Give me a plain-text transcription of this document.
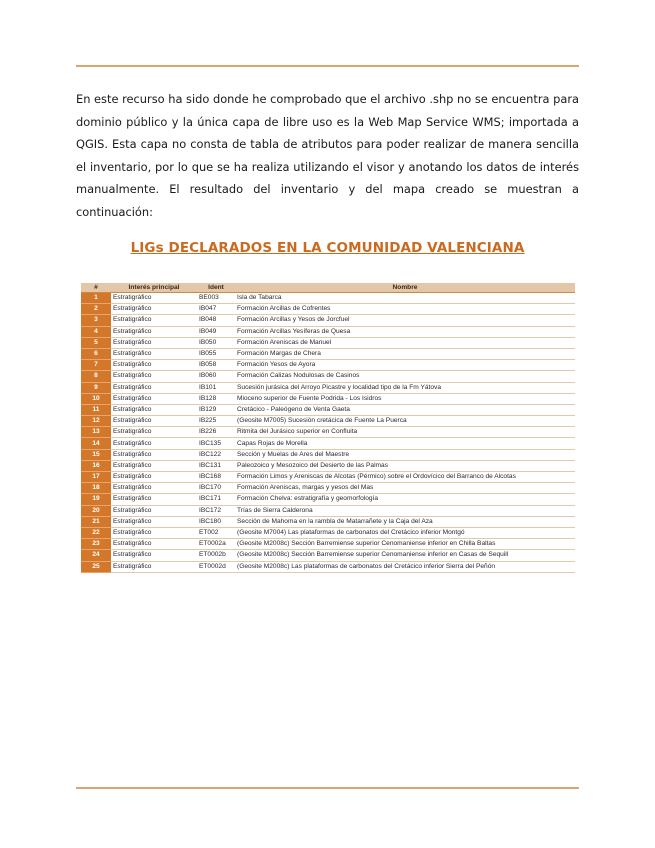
En este recurso ha sido donde he comprobado que el archivo .shp no se encuentra para dominio público y la única capa de libre uso es la Web Map Service WMS; importada a QGIS. Esta capa no consta de tabla de atributos para poder realizar de manera sencilla el inventario, por lo que se ha realiza utilizando el visor y anotando los datos de interés manualmente. El resultado del inventario y del mapa creado se muestran a continuación:

LIGs DECLARADOS EN LA COMUNIDAD VALENCIANA
#	Interés principal	Ident	Nombre
1	Estratigráfico	BE003	Isla de Tabarca
2	Estratigráfico	IB047	Formación Arcillas de Cofrentes
3	Estratigráfico	IB048	Formación Arcillas y Yesos de Jorcfuel
4	Estratigráfico	IB049	Formación Arcillas Yesíferas de Quesa
5	Estratigráfico	IB050	Formación Areniscas de Manuel
6	Estratigráfico	IB055	Formación Margas de Chera
7	Estratigráfico	IB058	Formación Yesos de Ayora
8	Estratigráfico	IB060	Formación Calizas Nodulosas de Casinos
9	Estratigráfico	IB101	Sucesión jurásica del Arroyo Picastre y localidad tipo de la Fm Yátova
10	Estratigráfico	IB128	Mioceno superior de Fuente Podrida - Los Isidros
11	Estratigráfico	IB129	Cretácico - Paleógeno de Venta Gaeta
12	Estratigráfico	IB225	(Geosite M7005) Sucesión cretácica de Fuente La Puerca
13	Estratigráfico	IB226	Ritmita del Jurásico superior en Confluita
14	Estratigráfico	IBC135	Capas Rojas de Morella
15	Estratigráfico	IBC122	Sección y Muelas de Ares del Maestre
16	Estratigráfico	IBC131	Paleozoico y Mesozoico del Desierto de las Palmas
17	Estratigráfico	IBC168	Formación Limos y Areniscas de Alcotas (Pérmico) sobre el Ordovícico del Barranco de Alcotas
18	Estratigráfico	IBC170	Formación Areniscas, margas y yesos del Mas
19	Estratigráfico	IBC171	Formación Chelva: estratigrafía y geomorfología
20	Estratigráfico	IBC172	Trías de Sierra Calderona
21	Estratigráfico	IBC180	Sección de Mahoma en la rambla de Matarrañete y la Caja del Aza
22	Estratigráfico	ET002	(Geosite M7004) Las plataformas de carbonatos del Cretácico inferior Montgó
23	Estratigráfico	ET0002a	(Geosite M2008c) Sección Barremiense superior Cenomaniense inferior en Chilla Baltas
24	Estratigráfico	ET0002b	(Geosite M2008c) Sección Barremiense superior Cenomaniense inferior en Casas de Sequill
25	Estratigráfico	ET0002d	(Geosite M2008c) Las plataformas de carbonatos del Cretácico inferior Sierra del Peñón
